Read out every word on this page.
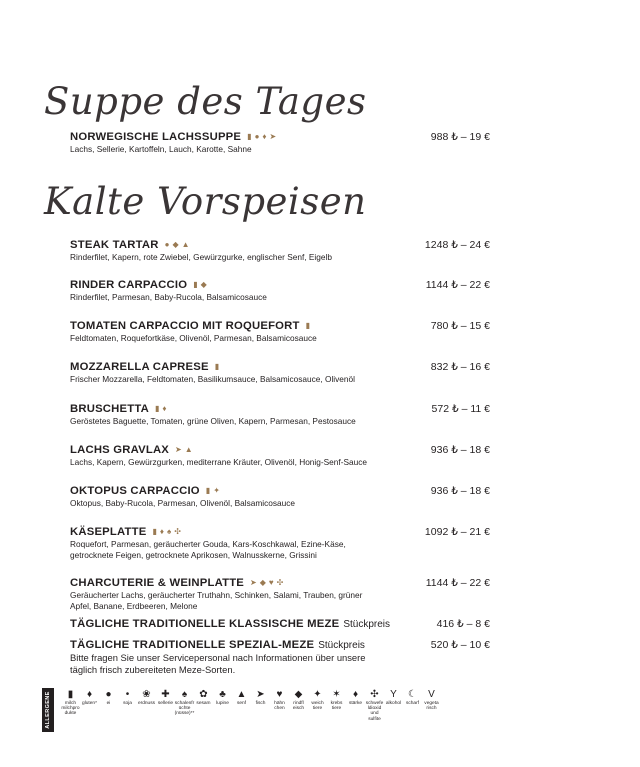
Suppe des Tages
NORWEGISCHE LACHSSUPPE ▮ ● ♦ ➤	988 ₺ – 19 €
Lachs, Sellerie, Kartoffeln, Lauch, Karotte, Sahne
Kalte Vorspeisen
STEAK TARTAR ● ◆ ▲	1248 ₺ – 24 €
Rinderfilet, Kapern, rote Zwiebel, Gewürzgurke, englischer Senf, Eigelb
RINDER CARPACCIO ▮ ◆	1144 ₺ – 22 €
Rinderfilet, Parmesan, Baby-Rucola, Balsamicosauce
TOMATEN CARPACCIO MIT ROQUEFORT ▮	780 ₺ – 15 €
Feldtomaten, Roquefortkäse, Olivenöl, Parmesan, Balsamicosauce
MOZZARELLA CAPRESE ▮	832 ₺ – 16 €
Frischer Mozzarella, Feldtomaten, Basilikumsauce, Balsamicosauce, Olivenöl
BRUSCHETTA ▮ ♦	572 ₺ – 11 €
Geröstetes Baguette, Tomaten, grüne Oliven, Kapern, Parmesan, Pestosauce
LACHS GRAVLAX ➤ ▲	936 ₺ – 18 €
Lachs, Kapern, Gewürzgurken, mediterrane Kräuter, Olivenöl, Honig-Senf-Sauce
OKTOPUS CARPACCIO ▮ ✦	936 ₺ – 18 €
Oktopus, Baby-Rucola, Parmesan, Olivenöl, Balsamicosauce
KÄSEPLATTE ▮ ♦ ♠ ✣	1092 ₺ – 21 €
Roquefort, Parmesan, geräucherter Gouda, Kars-Koschkawal, Ezine-Käse,
getrocknete Feigen, getrocknete Aprikosen, Walnusskerne, Grissini
CHARCUTERIE & WEINPLATTE ➤ ◆ ♥ ✣	1144 ₺ – 22 €
Geräucherter Lachs, geräucherter Truthahn, Schinken, Salami, Trauben, grüner
Apfel, Banane, Erdbeeren, Melone
TÄGLICHE TRADITIONELLE KLASSISCHE MEZE Stückpreis	416 ₺ – 8 €
TÄGLICHE TRADITIONELLE SPEZIAL-MEZE Stückpreis	520 ₺ – 10 €
Bitte fragen Sie unser Servicepersonal nach Informationen über unsere
täglich frisch zubereiteten Meze-Sorten.
ALLERGENE ▮
milch
milchpro
dukte
♦
gluten*
●
ei
•
soja
❀
erdnuss
✚
sellerie
♠
schalenfr
üchte
(nüsse)**
✿
sesam
♣
lupine
▲
senf
➤
fisch
♥
hähn
chen
◆
rindfl
eisch
✦
weich
tiere
✶
krebs
tiere
♦
stärke
✣
schwefe
ldioxid
und
sulfite
Y
alkohol
☾
scharf
V
vegeta
risch
